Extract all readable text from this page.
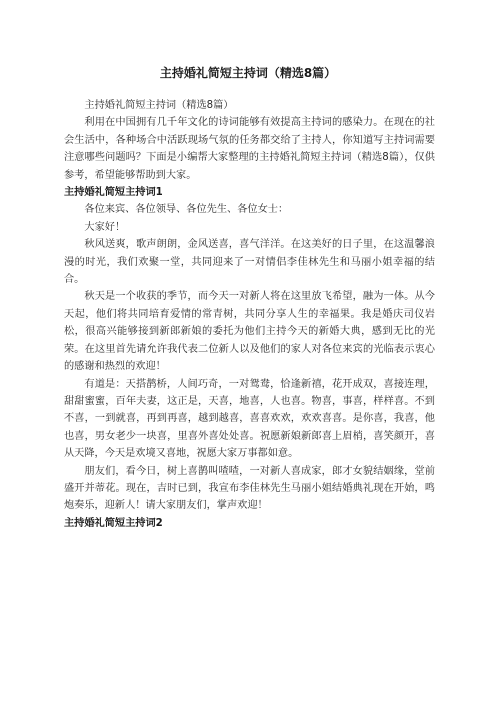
主持婚礼简短主持词（精选8篇）

主持婚礼简短主持词（精选8篇）

利用在中国拥有几千年文化的诗词能够有效提高主持词的感染力。在现在的社会生活中，各种场合中活跃现场气氛的任务都交给了主持人，你知道写主持词需要注意哪些问题吗？下面是小编帮大家整理的主持婚礼简短主持词（精选8篇），仅供参考，希望能够帮助到大家。

主持婚礼简短主持词1

各位来宾、各位领导、各位先生、各位女士：

大家好！

秋风送爽，歌声朗朗，金风送喜，喜气洋洋。在这美好的日子里，在这温馨浪漫的时光，我们欢聚一堂，共同迎来了一对情侣李佳林先生和马丽小姐幸福的结合。

秋天是一个收获的季节，而今天一对新人将在这里放飞希望，融为一体。从今天起，他们将共同培育爱情的常青树，共同分享人生的幸福果。我是婚庆司仪岩松，很高兴能够接到新郎新娘的委托为他们主持今天的新婚大典，感到无比的光荣。在这里首先请允许我代表二位新人以及他们的家人对各位来宾的光临表示衷心的感谢和热烈的欢迎！

有道是：天搭鹊桥，人间巧奇，一对鸳鸯，恰逢新禧，花开成双，喜接连理，甜甜蜜蜜，百年夫妻，这正是，天喜，地喜，人也喜。物喜，事喜，样样喜。不到不喜，一到就喜，再到再喜，越到越喜，喜喜欢欢，欢欢喜喜。是你喜，我喜，他也喜，男女老少一块喜，里喜外喜处处喜。祝愿新娘新郎喜上眉梢，喜笑颜开，喜从天降，今天是欢境又喜地，祝愿大家万事都如意。

朋友们，看今日，树上喜鹊叫喳喳，一对新人喜成家，郎才女貌结姻缘，堂前盛开并蒂花。现在，吉时已到，我宣布李佳林先生马丽小姐结婚典礼现在开始，鸣炮奏乐，迎新人！请大家朋友们，掌声欢迎！

主持婚礼简短主持词2
